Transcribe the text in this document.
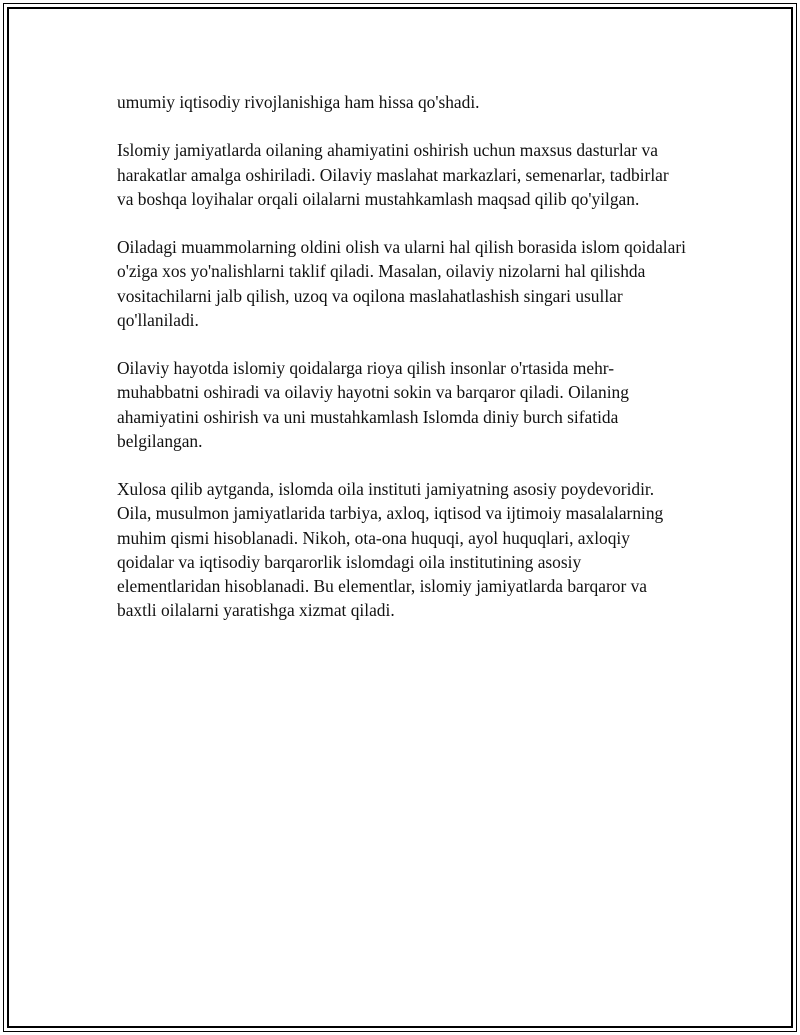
umumiy iqtisodiy rivojlanishiga ham hissa qo'shadi.

Islomiy jamiyatlarda oilaning ahamiyatini oshirish uchun maxsus dasturlar va harakatlar amalga oshiriladi. Oilaviy maslahat markazlari, semenarlar, tadbirlar va boshqa loyihalar orqali oilalarni mustahkamlash maqsad qilib qo'yilgan.

Oiladagi muammolarning oldini olish va ularni hal qilish borasida islom qoidalari o'ziga xos yo'nalishlarni taklif qiladi. Masalan, oilaviy nizolarni hal qilishda vositachilarni jalb qilish, uzoq va oqilona maslahatlashish singari usullar qo'llaniladi.

Oilaviy hayotda islomiy qoidalarga rioya qilish insonlar o'rtasida mehr-muhabbatni oshiradi va oilaviy hayotni sokin va barqaror qiladi. Oilaning ahamiyatini oshirish va uni mustahkamlash Islomda diniy burch sifatida belgilangan.

Xulosa qilib aytganda, islomda oila instituti jamiyatning asosiy poydevoridir. Oila, musulmon jamiyatlarida tarbiya, axloq, iqtisod va ijtimoiy masalalarning muhim qismi hisoblanadi. Nikoh, ota-ona huquqi, ayol huquqlari, axloqiy qoidalar va iqtisodiy barqarorlik islomdagi oila institutining asosiy elementlaridan hisoblanadi. Bu elementlar, islomiy jamiyatlarda barqaror va baxtli oilalarni yaratishga xizmat qiladi.
